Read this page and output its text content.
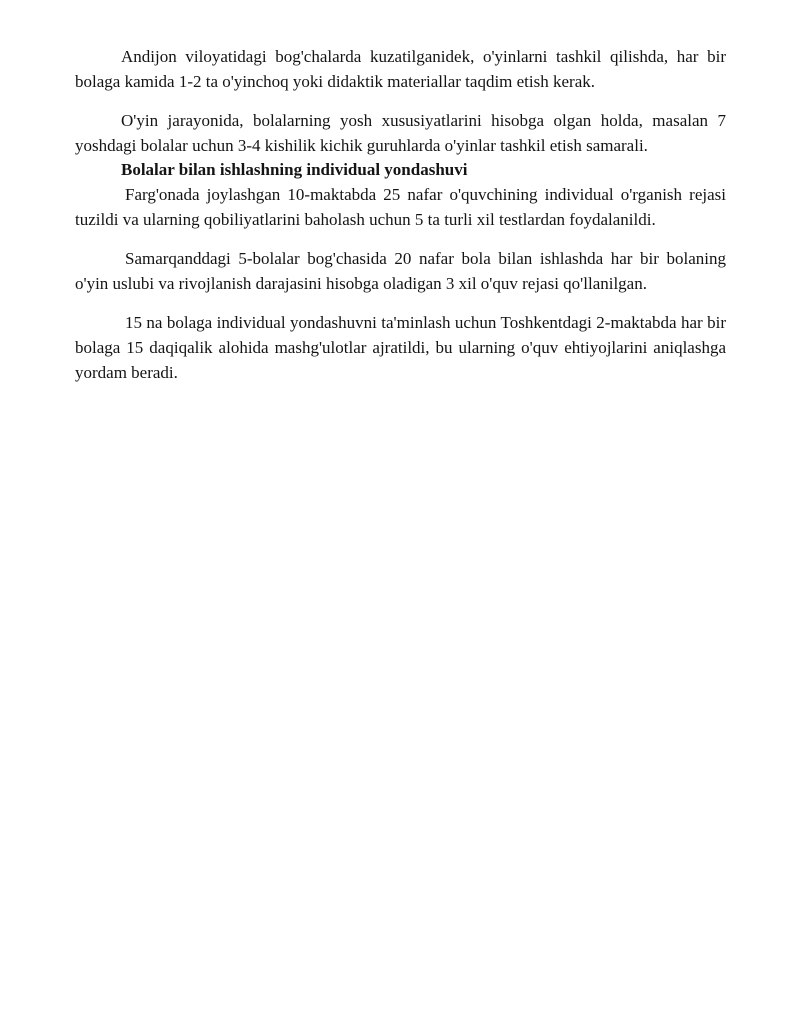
Andijon viloyatidagi bog'chalarda kuzatilganidek, o'yinlarni tashkil qilishda, har bir bolaga kamida 1-2 ta o'yinchoq yoki didaktik materiallar taqdim etish kerak.

O'yin jarayonida, bolalarning yosh xususiyatlarini hisobga olgan holda, masalan 7 yoshdagi bolalar uchun 3-4 kishilik kichik guruhlarda o'yinlar tashkil etish samarali.

Bolalar bilan ishlashning individual yondashuvi

Farg'onada joylashgan 10-maktabda 25 nafar o'quvchining individual o'rganish rejasi tuzildi va ularning qobiliyatlarini baholash uchun 5 ta turli xil testlardan foydalanildi.

Samarqanddagi 5-bolalar bog'chasida 20 nafar bola bilan ishlashda har bir bolaning o'yin uslubi va rivojlanish darajasini hisobga oladigan 3 xil o'quv rejasi qo'llanilgan.

15 na bolaga individual yondashuvni ta'minlash uchun Toshkentdagi 2-maktabda har bir bolaga 15 daqiqalik alohida mashg'ulotlar ajratildi, bu ularning o'quv ehtiyojlarini aniqlashga yordam beradi.
